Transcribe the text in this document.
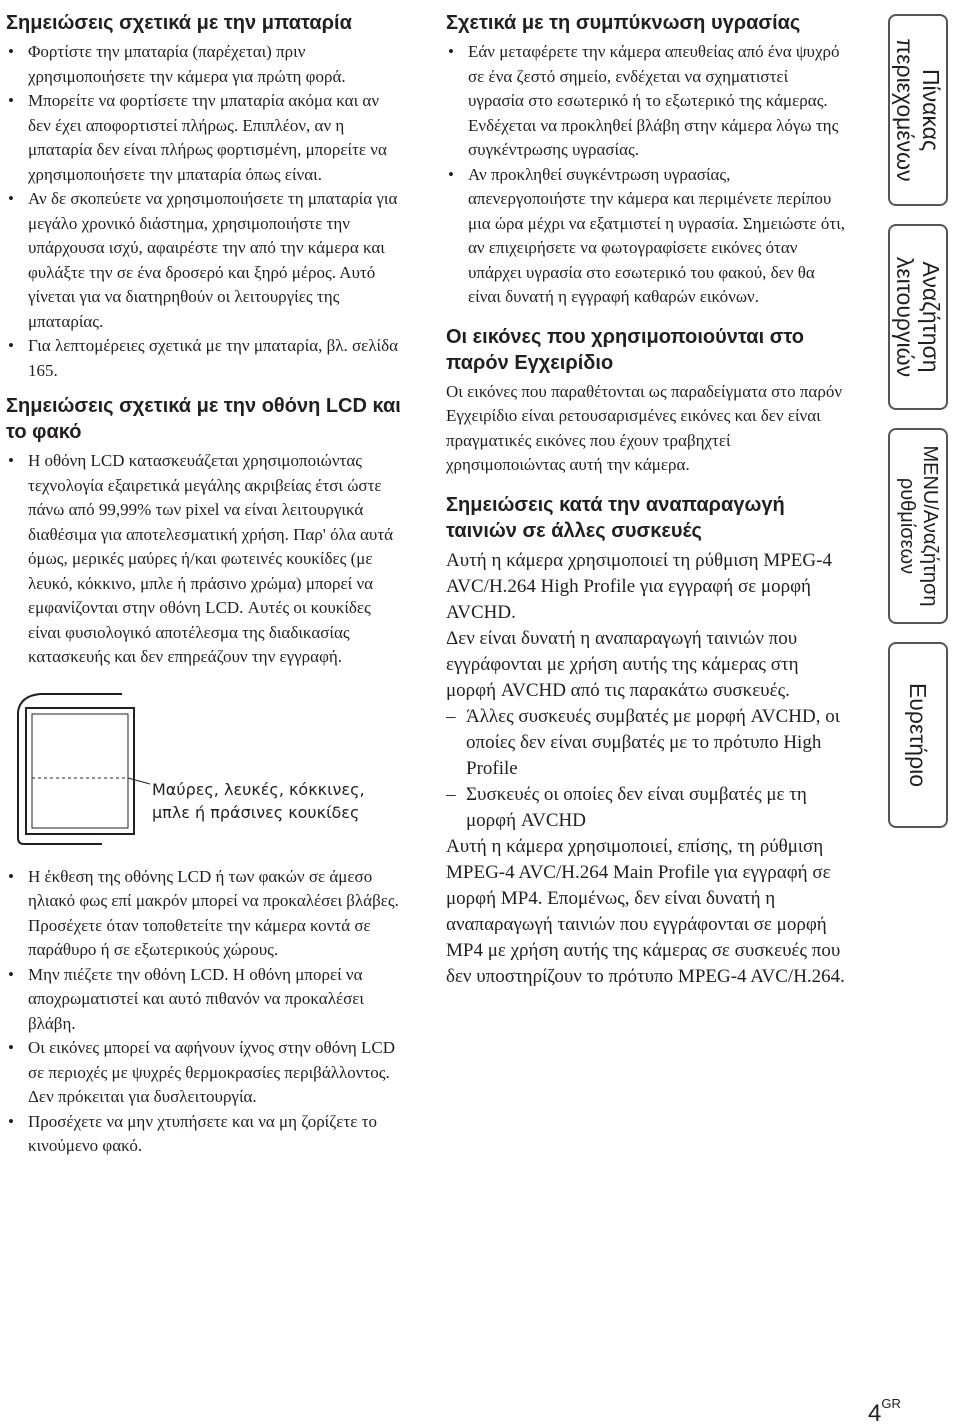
Σημειώσεις σχετικά με την μπαταρία
• Φορτίστε την μπαταρία (παρέχεται) πριν χρησιμοποιήσετε την κάμερα για πρώτη φορά.
• Μπορείτε να φορτίσετε την μπαταρία ακόμα και αν δεν έχει αποφορτιστεί πλήρως. Επιπλέον, αν η μπαταρία δεν είναι πλήρως φορτισμένη, μπορείτε να χρησιμοποιήσετε την μπαταρία όπως είναι.
• Αν δε σκοπεύετε να χρησιμοποιήσετε τη μπαταρία για μεγάλο χρονικό διάστημα, χρησιμοποιήστε την υπάρχουσα ισχύ, αφαιρέστε την από την κάμερα και φυλάξτε την σε ένα δροσερό και ξηρό μέρος. Αυτό γίνεται για να διατηρηθούν οι λειτουργίες της μπαταρίας.
• Για λεπτομέρειες σχετικά με την μπαταρία, βλ. σελίδα 165.
Σημειώσεις σχετικά με την οθόνη LCD και το φακό
• Η οθόνη LCD κατασκευάζεται χρησιμοποιώντας τεχνολογία εξαιρετικά μεγάλης ακριβείας έτσι ώστε πάνω από 99,99% των pixel να είναι λειτουργικά διαθέσιμα για αποτελεσματική χρήση. Παρ' όλα αυτά όμως, μερικές μαύρες ή/και φωτεινές κουκίδες (με λευκό, κόκκινο, μπλε ή πράσινο χρώμα) μπορεί να εμφανίζονται στην οθόνη LCD. Αυτές οι κουκίδες είναι φυσιολογικό αποτέλεσμα της διαδικασίας κατασκευής και δεν επηρεάζουν την εγγραφή.
Μαύρες, λευκές, κόκκινες,
μπλε ή πράσινες κουκίδες
• Η έκθεση της οθόνης LCD ή των φακών σε άμεσο ηλιακό φως επί μακρόν μπορεί να προκαλέσει βλάβες. Προσέχετε όταν τοποθετείτε την κάμερα κοντά σε παράθυρο ή σε εξωτερικούς χώρους.
• Μην πιέζετε την οθόνη LCD. Η οθόνη μπορεί να αποχρωματιστεί και αυτό πιθανόν να προκαλέσει βλάβη.
• Οι εικόνες μπορεί να αφήνουν ίχνος στην οθόνη LCD σε περιοχές με ψυχρές θερμοκρασίες περιβάλλοντος. Δεν πρόκειται για δυσλειτουργία.
• Προσέχετε να μην χτυπήσετε και να μη ζορίζετε το κινούμενο φακό.
Σχετικά με τη συμπύκνωση υγρασίας
• Εάν μεταφέρετε την κάμερα απευθείας από ένα ψυχρό σε ένα ζεστό σημείο, ενδέχεται να σχηματιστεί υγρασία στο εσωτερικό ή το εξωτερικό της κάμερας. Ενδέχεται να προκληθεί βλάβη στην κάμερα λόγω της συγκέντρωσης υγρασίας.
• Αν προκληθεί συγκέντρωση υγρασίας, απενεργοποιήστε την κάμερα και περιμένετε περίπου μια ώρα μέχρι να εξατμιστεί η υγρασία. Σημειώστε ότι, αν επιχειρήσετε να φωτογραφίσετε εικόνες όταν υπάρχει υγρασία στο εσωτερικό του φακού, δεν θα είναι δυνατή η εγγραφή καθαρών εικόνων.
Οι εικόνες που χρησιμοποιούνται στο παρόν Εγχειρίδιο

Οι εικόνες που παραθέτονται ως παραδείγματα στο παρόν Εγχειρίδιο είναι ρετουσαρισμένες εικόνες και δεν είναι πραγματικές εικόνες που έχουν τραβηχτεί χρησιμοποιώντας αυτή την κάμερα.

Σημειώσεις κατά την αναπαραγωγή ταινιών σε άλλες συσκευές

Αυτή η κάμερα χρησιμοποιεί τη ρύθμιση MPEG-4 AVC/H.264 High Profile για εγγραφή σε μορφή AVCHD.

Δεν είναι δυνατή η αναπαραγωγή ταινιών που εγγράφονται με χρήση αυτής της κάμερας στη μορφή AVCHD από τις παρακάτω συσκευές.

– Άλλες συσκευές συμβατές με μορφή AVCHD, οι οποίες δεν είναι συμβατές με το πρότυπο High Profile
– Συσκευές οι οποίες δεν είναι συμβατές με τη μορφή AVCHD

Αυτή η κάμερα χρησιμοποιεί, επίσης, τη ρύθμιση MPEG-4 AVC/H.264 Main Profile για εγγραφή σε μορφή MP4. Επομένως, δεν είναι δυνατή η αναπαραγωγή ταινιών που εγγράφονται σε μορφή MP4 με χρήση αυτής της κάμερας σε συσκευές που δεν υποστηρίζουν το πρότυπο MPEG-4 AVC/H.264.

Πίνακας
περιεχομένων
Αναζήτηση
λειτουργιών
MENU/Αναζήτηση
ρυθμίσεων
Ευρετήριο
$4^{GR}$
